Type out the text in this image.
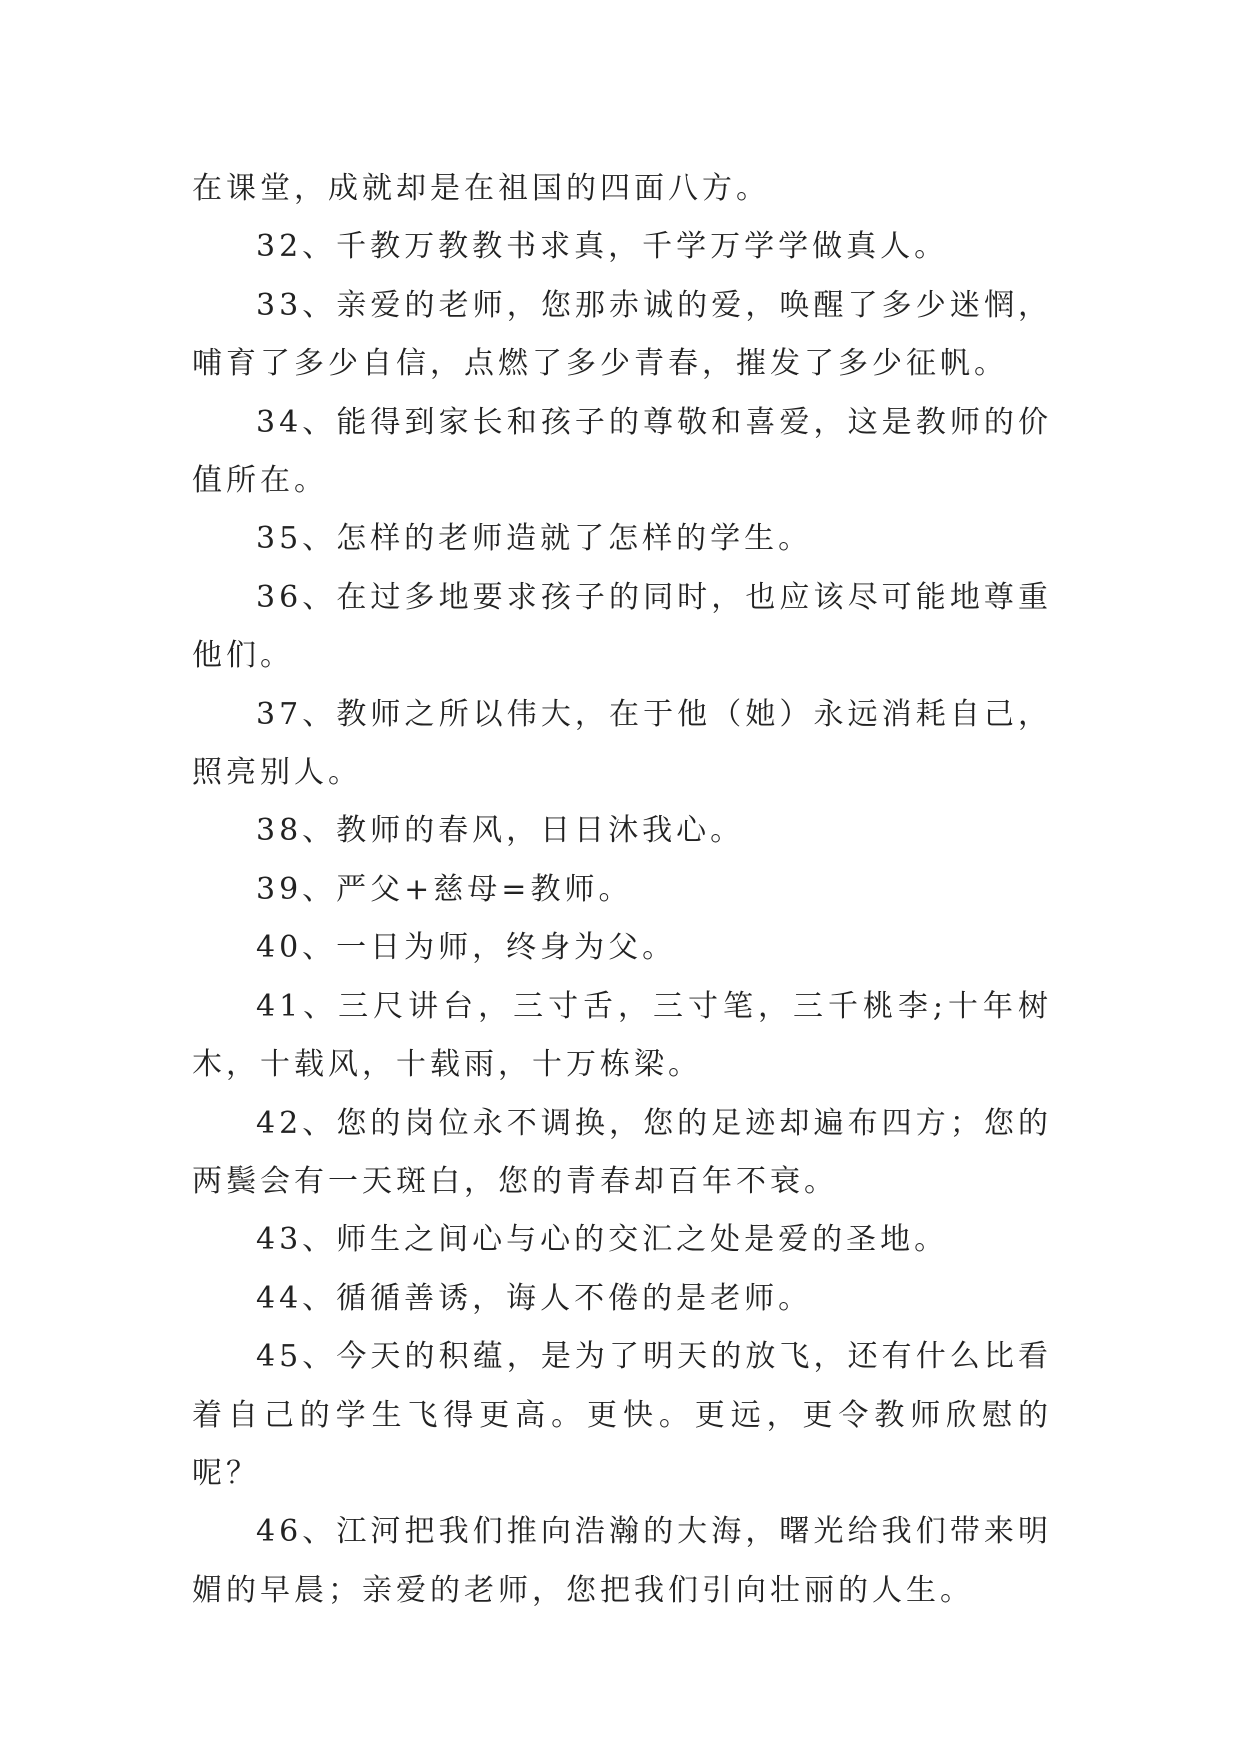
在课堂，成就却是在祖国的四面八方。

32、千教万教教书求真，千学万学学做真人。

33、亲爱的老师，您那赤诚的爱，唤醒了多少迷惘，哺育了多少自信，点燃了多少青春，摧发了多少征帆。

34、能得到家长和孩子的尊敬和喜爱，这是教师的价值所在。

35、怎样的老师造就了怎样的学生。

36、在过多地要求孩子的同时，也应该尽可能地尊重他们。

37、教师之所以伟大，在于他（她）永远消耗自己，照亮别人。

38、教师的春风，日日沐我心。

39、严父+慈母=教师。

40、一日为师，终身为父。

41、三尺讲台，三寸舌，三寸笔，三千桃李;十年树木，十载风，十载雨，十万栋梁。

42、您的岗位永不调换，您的足迹却遍布四方；您的两鬓会有一天斑白，您的青春却百年不衰。

43、师生之间心与心的交汇之处是爱的圣地。

44、循循善诱，诲人不倦的是老师。

45、今天的积蕴，是为了明天的放飞，还有什么比看着自己的学生飞得更高。更快。更远，更令教师欣慰的呢？

46、江河把我们推向浩瀚的大海，曙光给我们带来明媚的早晨；亲爱的老师，您把我们引向壮丽的人生。
